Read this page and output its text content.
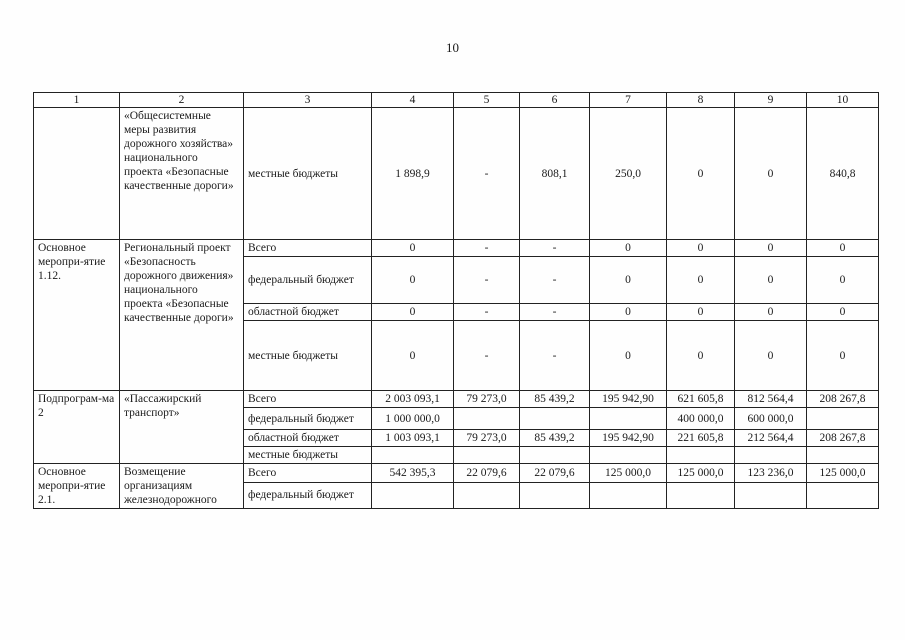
10
1	2	3	4	5	6	7	8	9	10
	«Общесистемные меры развития дорожного хозяйства» национального проекта «Безопасные качественные дороги»	местные бюджеты	1 898,9	-	808,1	250,0	0	0	840,8
Основное меропри-ятие 1.12.	Региональный проект «Безопасность дорожного движения» национального проекта «Безопасные качественные дороги»	Всего	0	-	-	0	0	0	0
		федеральный бюджет	0	-	-	0	0	0	0
		областной бюджет	0	-	-	0	0	0	0
		местные бюджеты	0	-	-	0	0	0	0
Подпрограм-ма 2	«Пассажирский транспорт»	Всего	2 003 093,1	79 273,0	85 439,2	195 942,90	621 605,8	812 564,4	208 267,8
		федеральный бюджет	1 000 000,0				400 000,0	600 000,0	
		областной бюджет	1 003 093,1	79 273,0	85 439,2	195 942,90	221 605,8	212 564,4	208 267,8
		местные бюджеты							
Основное меропри-ятие 2.1.	Возмещение организациям железнодорожного	Всего	542 395,3	22 079,6	22 079,6	125 000,0	125 000,0	123 236,0	125 000,0
		федеральный бюджет							
